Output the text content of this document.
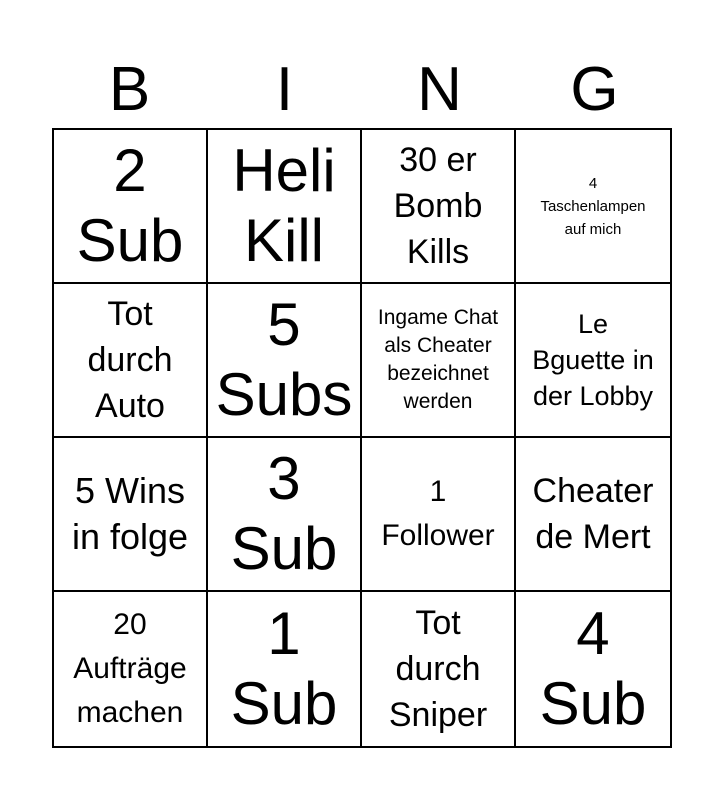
B	I	N	G
2
Sub
Heli
Kill
30 er
Bomb
Kills
4
Taschenlampen
auf mich
Tot
durch
Auto
5
Subs
Ingame Chat
als Cheater
bezeichnet
werden
Le
Bguette in
der Lobby
5 Wins
in folge
3
Sub
1
Follower
Cheater
de Mert
20
Aufträge
machen
1
Sub
Tot
durch
Sniper
4
Sub
